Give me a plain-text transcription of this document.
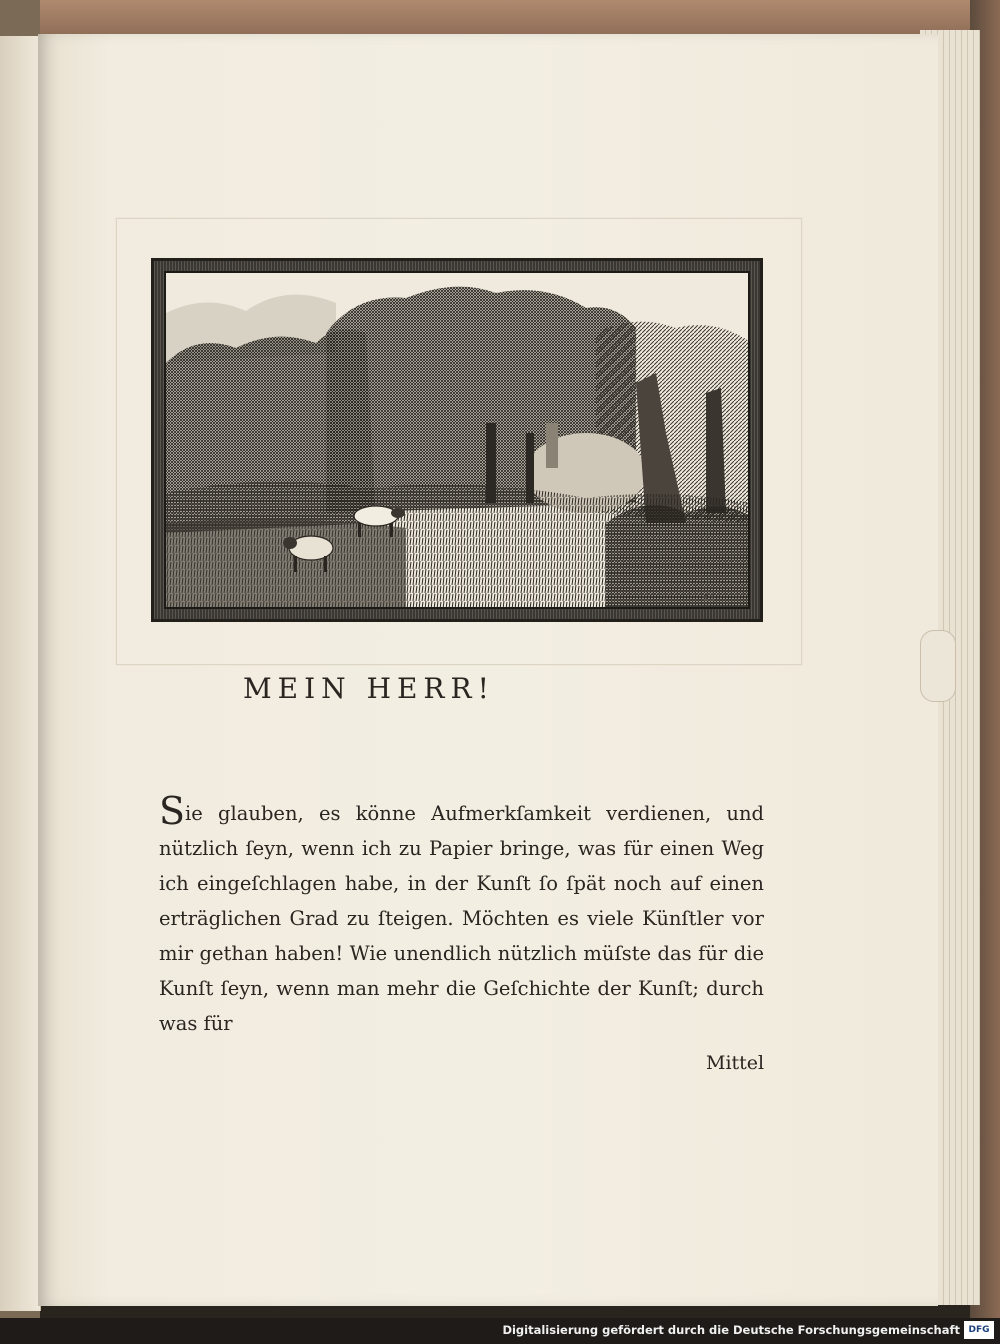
43.
MEIN HERR!
Sie glauben, es könne Aufmerkſamkeit verdienen, und nützlich ſeyn, wenn ich zu Papier bringe, was für einen Weg ich eingeſchlagen habe, in der Kunſt ſo ſpät noch auf einen erträglichen Grad zu ſteigen. Möchten es viele Künſtler vor mir gethan haben! Wie unendlich nützlich müſste das für die Kunſt ſeyn, wenn man mehr die Geſchichte der Kunſt; durch was für
Mittel
Digitalisierung gefördert durch die Deutsche Forschungsgemeinschaft DFG
